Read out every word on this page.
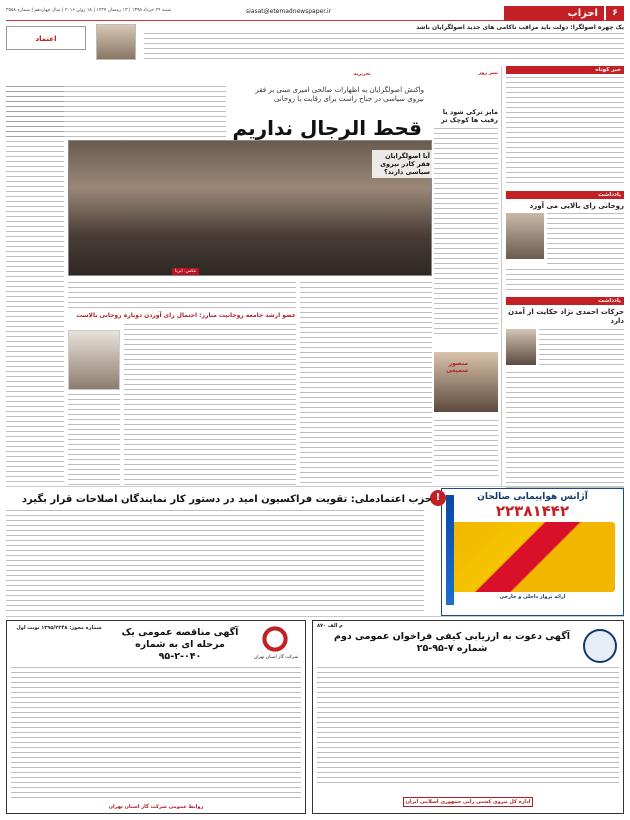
۶
احزاب
siasat@etemadnewspaper.ir
شنبه ۲۹ خرداد ۱۳۹۵ | ۱۳ رمضان ۱۴۳۷ | ۱۸ ژوئن ۲۰۱۶ | سال چهاردهم | شماره ۳۵۵۸
یک چهره اصولگرا: دولت باید مراقب ناکامی های جدید اصولگرایان باشد
اعتماد
خبر کوتاه
یادداشت
روحانی رای بالایی می آورد
یادداشت
حرکات احمدی نژاد حکایت از آمدن دارد
تیتر روز
مایز ترکی شود یا رقیب ها کوچک تر
منصور سمیعی
تحریریه
واکنش اصولگرایان به اظهارات صالحی امیری مبنی بر فقر نیروی سیاسی در جناح راست برای رقابت با روحانی
قحط الرجال نداریم
آیا اصولگرایان فقر کادر نیروی سیاسی دارند؟
عکس: ایرنا
عضو ارشد جامعه روحانیت مبارز: احتمال رای آوردن دوباره روحانی بالاست
آژانس هواپیمایی صالحان
۲۲۳۸۱۴۴۲
ارائه پرواز داخلی و خارجی
!
حزب اعتمادملی: تقویت فراکسیون امید در دستور کار نمایندگان اصلاحات قرار بگیرد
شماره مجوز: ۱۳۹۵/۲۲۴۸ نوبت اول	آگهی مناقصه عمومی یک مرحله ای به شماره ۰۴۰-۲-۹۵	شرکت گاز استان تهران
روابط عمومی شرکت گاز استان تهران
م الف ۸۷۰
آگهی دعوت به ارزیابی کیفی فراخوان عمومی دوم شماره ۷-۹۵-۲۵
اداره کل نیروی کشتی رانی جمهوری اسلامی ایران
